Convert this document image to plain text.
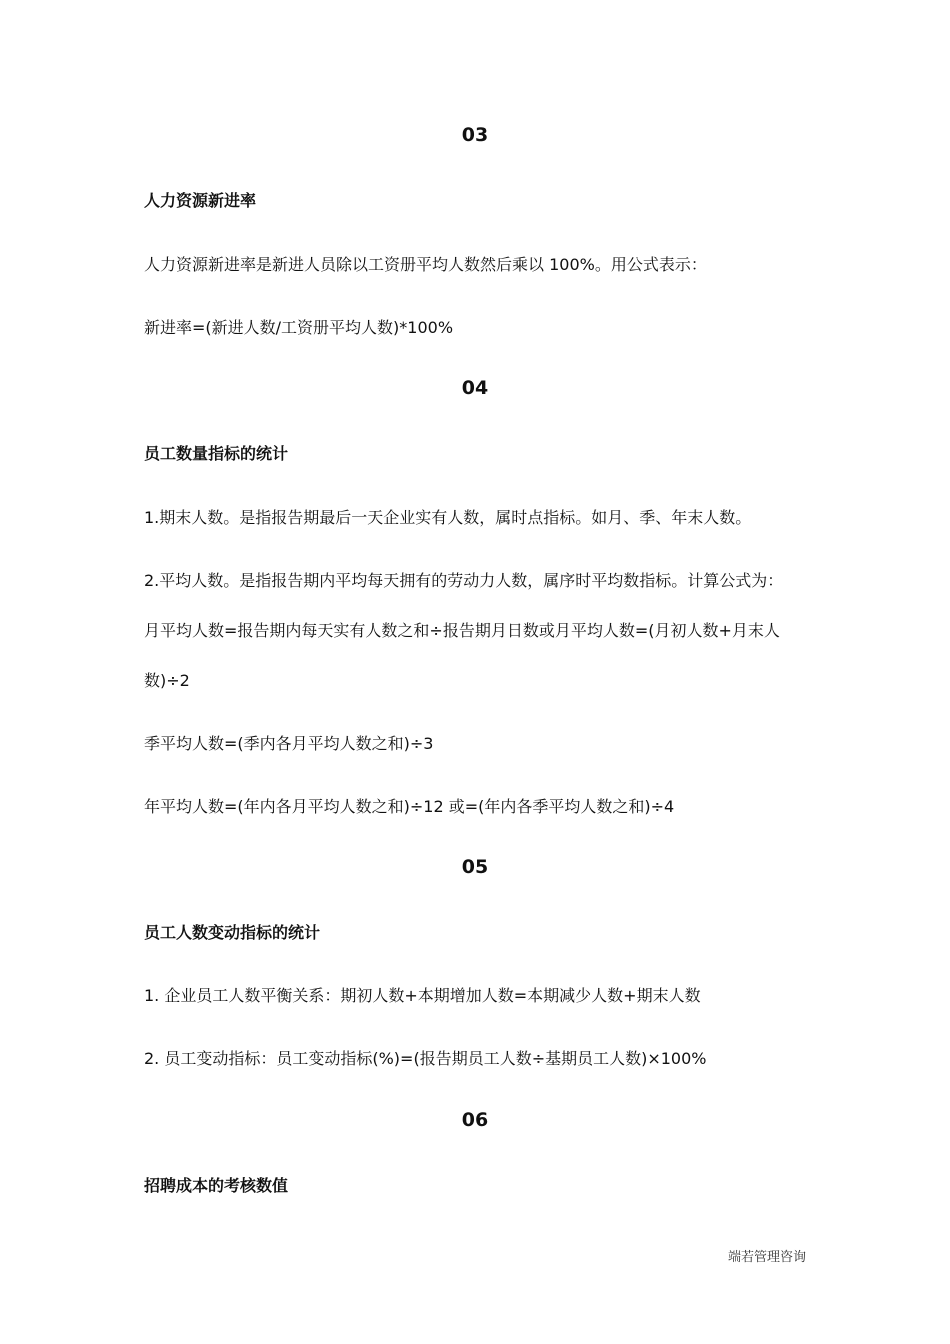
03
人力资源新进率
人力资源新进率是新进人员除以工资册平均人数然后乘以 100%。用公式表示：
新进率=(新进人数/工资册平均人数)*100%
04
员工数量指标的统计
1.期末人数。是指报告期最后一天企业实有人数，属时点指标。如月、季、年末人数。
2.平均人数。是指报告期内平均每天拥有的劳动力人数，属序时平均数指标。计算公式为：
月平均人数=报告期内每天实有人数之和÷报告期月日数或月平均人数=(月初人数+月末人数)÷2
季平均人数=(季内各月平均人数之和)÷3
年平均人数=(年内各月平均人数之和)÷12 或=(年内各季平均人数之和)÷4
05
员工人数变动指标的统计
1. 企业员工人数平衡关系：期初人数+本期增加人数=本期减少人数+期末人数
2. 员工变动指标：员工变动指标(%)=(报告期员工人数÷基期员工人数)×100%
06
招聘成本的考核数值
端若管理咨询
